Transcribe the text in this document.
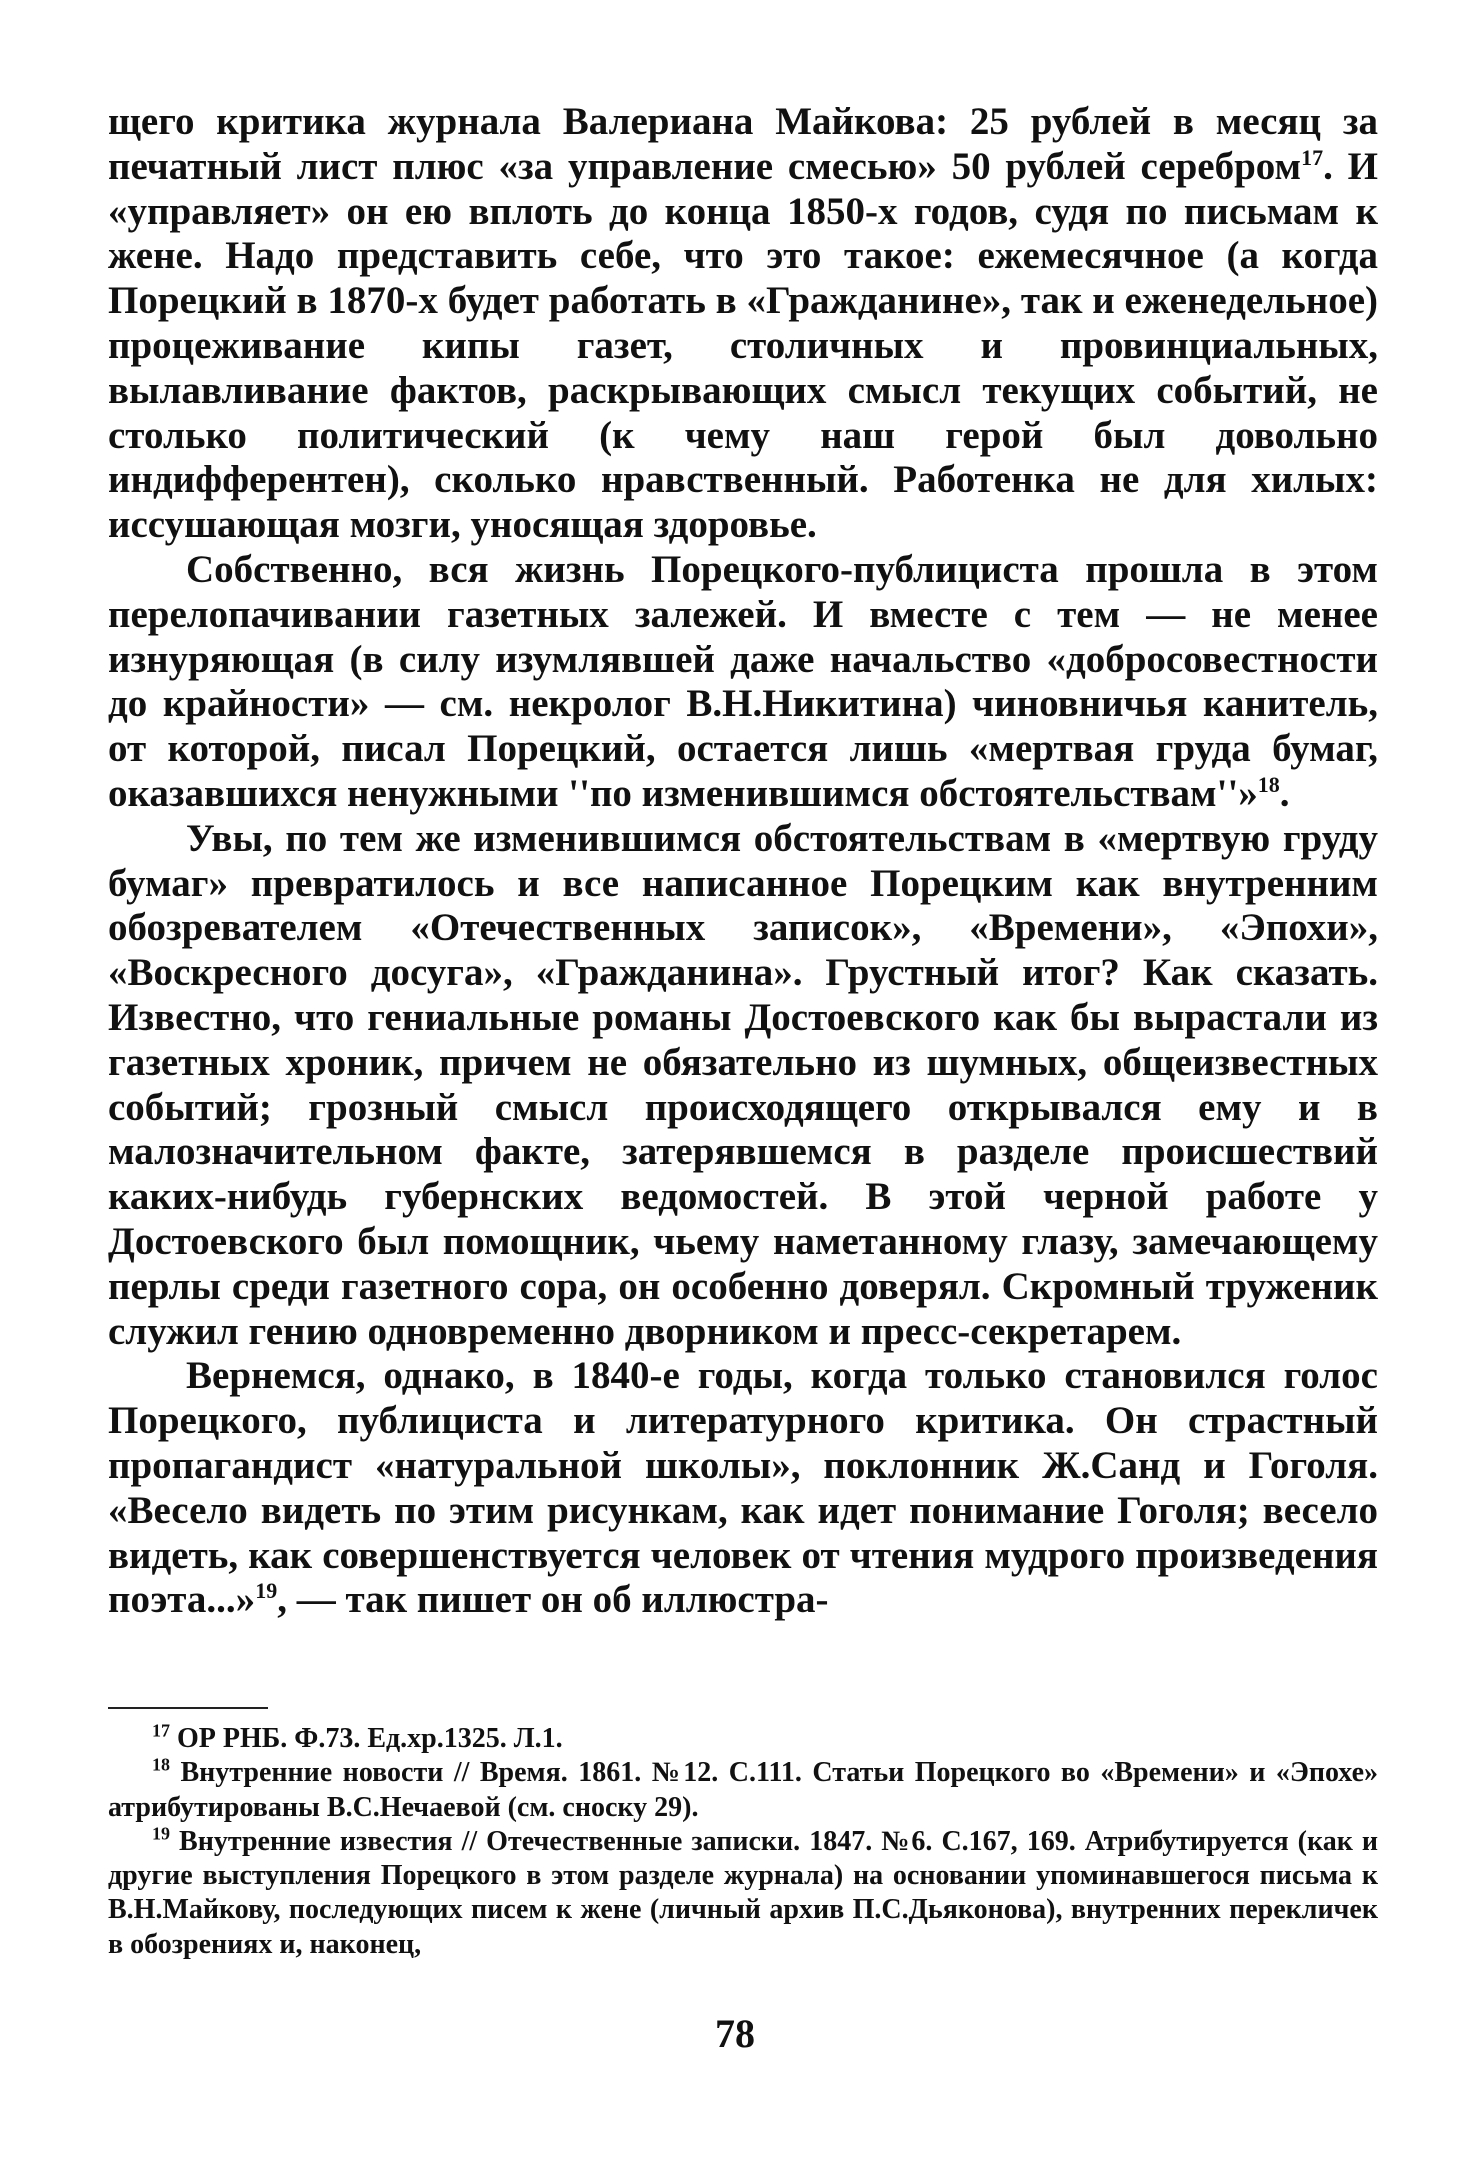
щего критика журнала Валериана Майкова: 25 рублей в месяц за печатный лист плюс «за управление смесью» 50 рублей серебром$^{17}$. И «управляет» он ею вплоть до конца 1850-х годов, судя по письмам к жене. Надо представить себе, что это такое: ежемесячное (а когда Порецкий в 1870-х будет работать в «Гражданине», так и еженедельное) процеживание кипы газет, столичных и провинциальных, вылавливание фактов, раскрывающих смысл текущих событий, не столько политический (к чему наш герой был довольно индифферентен), сколько нравственный. Работенка не для хилых: иссушающая мозги, уносящая здоровье.

Собственно, вся жизнь Порецкого-публициста прошла в этом перелопачивании газетных залежей. И вместе с тем — не менее изнуряющая (в силу изумлявшей даже начальство «добросовестности до крайности» — см. некролог В.Н.Никитина) чиновничья канитель, от которой, писал Порецкий, остается лишь «мертвая груда бумаг, оказавшихся ненужными ''по изменившимся обстоятельствам''»$^{18}$.

Увы, по тем же изменившимся обстоятельствам в «мертвую груду бумаг» превратилось и все написанное Порецким как внутренним обозревателем «Отечественных записок», «Времени», «Эпохи», «Воскресного досуга», «Гражданина». Грустный итог? Как сказать. Известно, что гениальные романы Достоевского как бы вырастали из газетных хроник, причем не обязательно из шумных, общеизвестных событий; грозный смысл происходящего открывался ему и в малозначительном факте, затерявшемся в разделе происшествий каких-нибудь губернских ведомостей. В этой черной работе у Достоевского был помощник, чьему наметанному глазу, замечающему перлы среди газетного сора, он особенно доверял. Скромный труженик служил гению одновременно дворником и пресс-секретарем.

Вернемся, однако, в 1840-е годы, когда только становился голос Порецкого, публициста и литературного критика. Он страстный пропагандист «натуральной школы», поклонник Ж.Санд и Гоголя. «Весело видеть по этим рисункам, как идет понимание Гоголя; весело видеть, как совершенствуется человек от чтения мудрого произведения поэта...»$^{19}$, — так пишет он об иллюстра-

$^{17}$ ОР РНБ. Ф.73. Ед.хр.1325. Л.1.

$^{18}$ Внутренние новости // Время. 1861. №12. С.111. Статьи Порецкого во «Времени» и «Эпохе» атрибутированы В.С.Нечаевой (см. сноску 29).

$^{19}$ Внутренние известия // Отечественные записки. 1847. №6. С.167, 169. Атрибутируется (как и другие выступления Порецкого в этом разделе журнала) на основании упоминавшегося письма к В.Н.Майкову, последующих писем к жене (личный архив П.С.Дьяконова), внутренних перекличек в обозрениях и, наконец,

78
